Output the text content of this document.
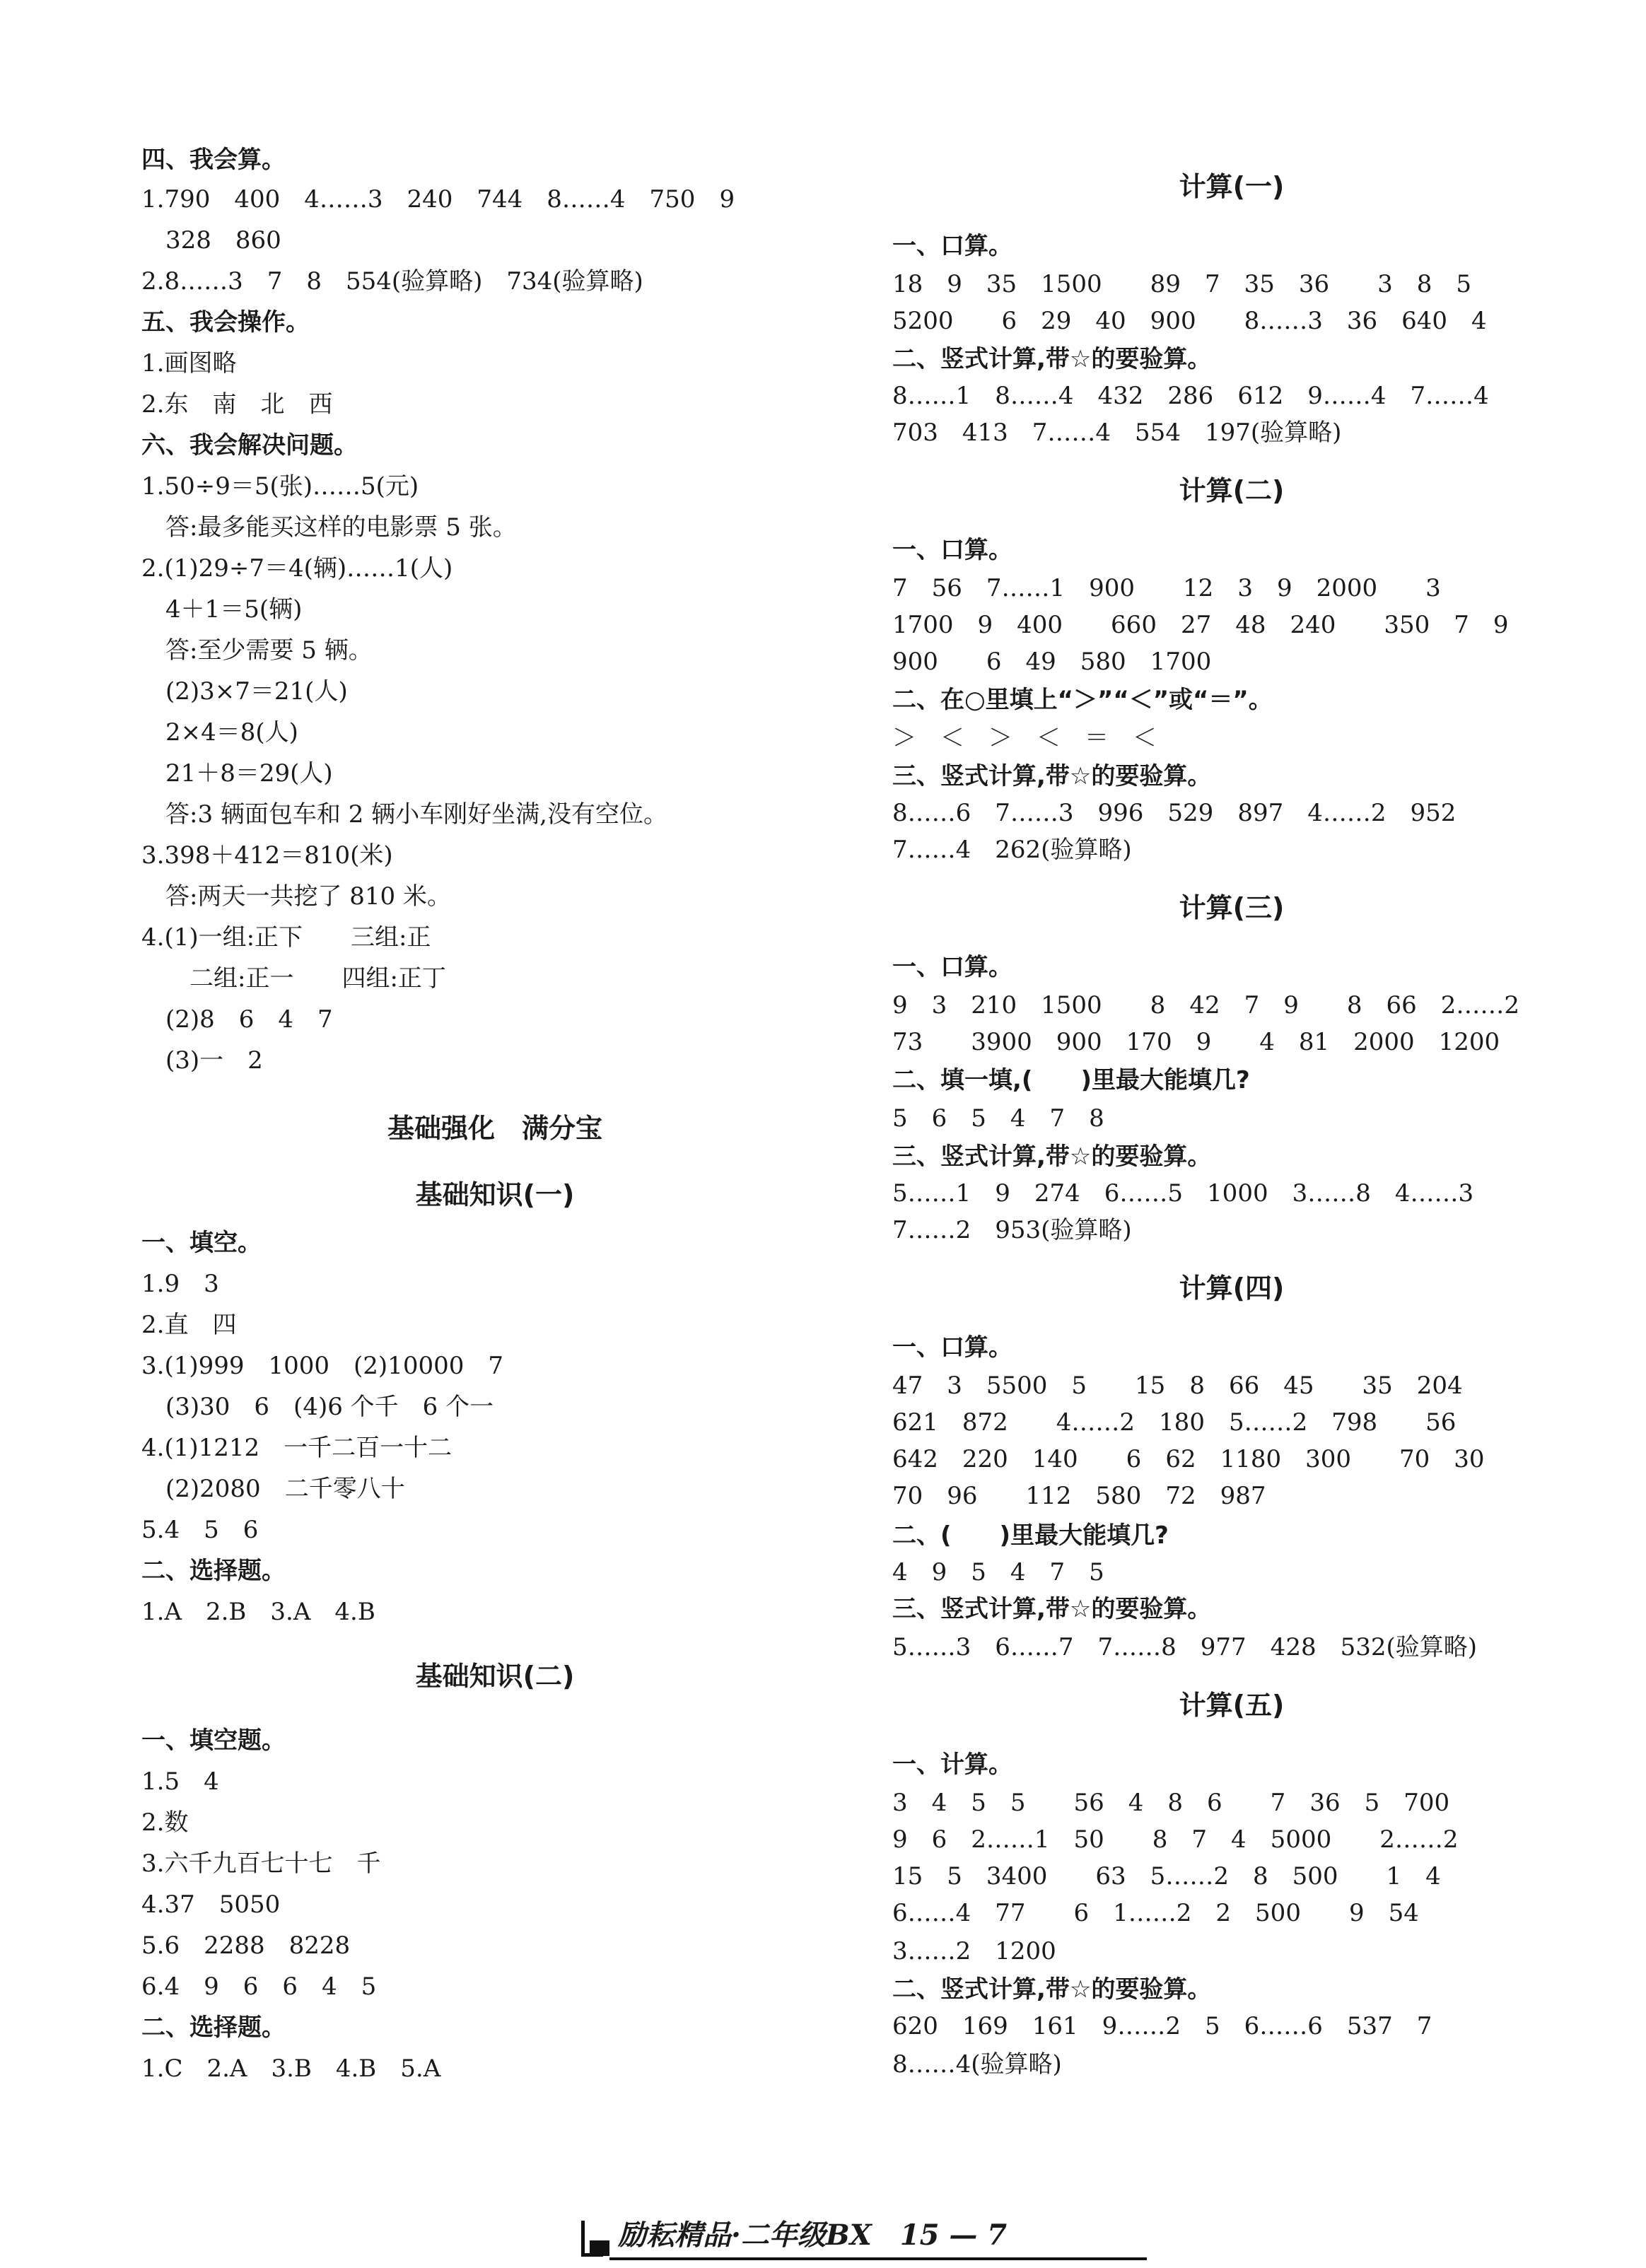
四、我会算。
1.790　400　4……3　240　744　8……4　750　9
　328　860
2.8……3　7　8　554(验算略)　734(验算略)
五、我会操作。
1.画图略
2.东　南　北　西
六、我会解决问题。
1.50÷9＝5(张)……5(元)
　答:最多能买这样的电影票 5 张。
2.(1)29÷7＝4(辆)……1(人)
　4＋1＝5(辆)
　答:至少需要 5 辆。
　(2)3×7＝21(人)
　2×4＝8(人)
　21＋8＝29(人)
　答:3 辆面包车和 2 辆小车刚好坐满,没有空位。
3.398＋412＝810(米)
　答:两天一共挖了 810 米。
4.(1)一组:正下　　三组:正
　　二组:正一　　四组:正丁
　(2)8　6　4　7
　(3)一　2
基础强化　满分宝
基础知识(一)
一、填空。
1.9　3
2.直　四
3.(1)999　1000　(2)10000　7
　(3)30　6　(4)6 个千　6 个一
4.(1)1212　一千二百一十二
　(2)2080　二千零八十
5.4　5　6
二、选择题。
1.A　2.B　3.A　4.B
基础知识(二)
一、填空题。
1.5　4
2.数
3.六千九百七十七　千
4.37　5050
5.6　2288　8228
6.4　9　6　6　4　5
二、选择题。
1.C　2.A　3.B　4.B　5.A
计算(一)
一、口算。
18　9　35　1500　　89　7　35　36　　3　8　5
5200　　6　29　40　900　　8……3　36　640　4
二、竖式计算,带☆的要验算。
8……1　8……4　432　286　612　9……4　7……4
703　413　7……4　554　197(验算略)
计算(二)
一、口算。
7　56　7……1　900　　12　3　9　2000　　3
1700　9　400　　660　27　48　240　　350　7　9
900　　6　49　580　1700
二、在○里填上“＞”“＜”或“＝”。
＞　＜　＞　＜　＝　＜
三、竖式计算,带☆的要验算。
8……6　7……3　996　529　897　4……2　952
7……4　262(验算略)
计算(三)
一、口算。
9　3　210　1500　　8　42　7　9　　8　66　2……2
73　　3900　900　170　9　　4　81　2000　1200
二、填一填,(　　)里最大能填几?
5　6　5　4　7　8
三、竖式计算,带☆的要验算。
5……1　9　274　6……5　1000　3……8　4……3
7……2　953(验算略)
计算(四)
一、口算。
47　3　5500　5　　15　8　66　45　　35　204
621　872　　4……2　180　5……2　798　　56
642　220　140　　6　62　1180　300　　70　30
70　96　　112　580　72　987
二、(　　)里最大能填几?
4　9　5　4　7　5
三、竖式计算,带☆的要验算。
5……3　6……7　7……8　977　428　532(验算略)
计算(五)
一、计算。
3　4　5　5　　56　4　8　6　　7　36　5　700
9　6　2……1　50　　8　7　4　5000　　2……2
15　5　3400　　63　5……2　8　500　　1　4
6……4　77　　6　1……2　2　500　　9　54
3……2　1200
二、竖式计算,带☆的要验算。
620　169　161　9……2　5　6……6　537　7
8……4(验算略)
励耘精品·二年级BX　15 — 7
